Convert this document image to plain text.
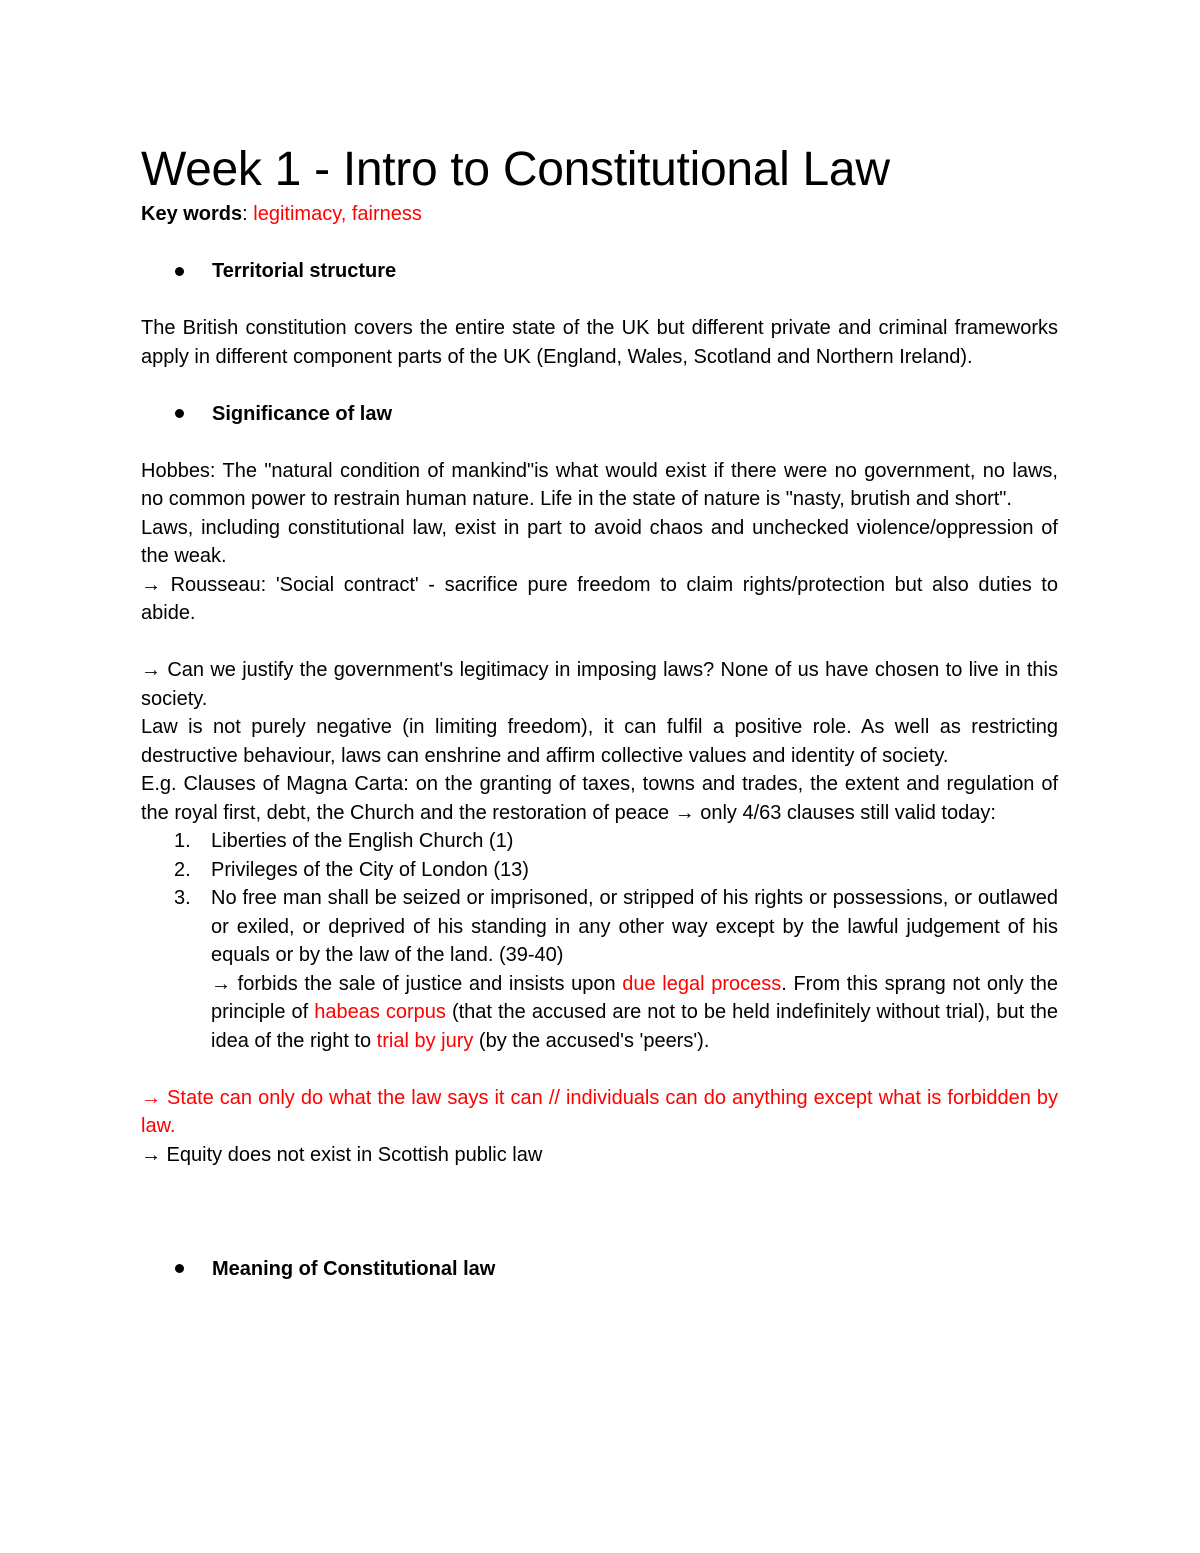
Week 1 - Intro to Constitutional Law

Key words: legitimacy, fairness

Territorial structure

The British constitution covers the entire state of the UK but different private and criminal frameworks apply in different component parts of the UK (England, Wales, Scotland and Northern Ireland).

Significance of law

Hobbes: The "natural condition of mankind"is what would exist if there were no government, no laws, no common power to restrain human nature. Life in the state of nature is "nasty, brutish and short".

Laws, including constitutional law, exist in part to avoid chaos and unchecked violence/oppression of the weak.

→ Rousseau: 'Social contract' - sacrifice pure freedom to claim rights/protection but also duties to abide.

→ Can we justify the government's legitimacy in imposing laws? None of us have chosen to live in this society.

Law is not purely negative (in limiting freedom), it can fulfil a positive role. As well as restricting destructive behaviour, laws can enshrine and affirm collective values and identity of society.

E.g. Clauses of Magna Carta: on the granting of taxes, towns and trades, the extent and regulation of the royal first, debt, the Church and the restoration of peace → only 4/63 clauses still valid today:

1.	Liberties of the English Church (1)
2.	Privileges of the City of London (13)
3.	No free man shall be seized or imprisoned, or stripped of his rights or possessions, or outlawed or exiled, or deprived of his standing in any other way except by the lawful judgement of his equals or by the law of the land. (39-40)
→ forbids the sale of justice and insists upon due legal process. From this sprang not only the principle of habeas corpus (that the accused are not to be held indefinitely without trial), but the idea of the right to trial by jury (by the accused's 'peers').

→ State can only do what the law says it can // individuals can do anything except what is forbidden by law.

→ Equity does not exist in Scottish public law

Meaning of Constitutional law
